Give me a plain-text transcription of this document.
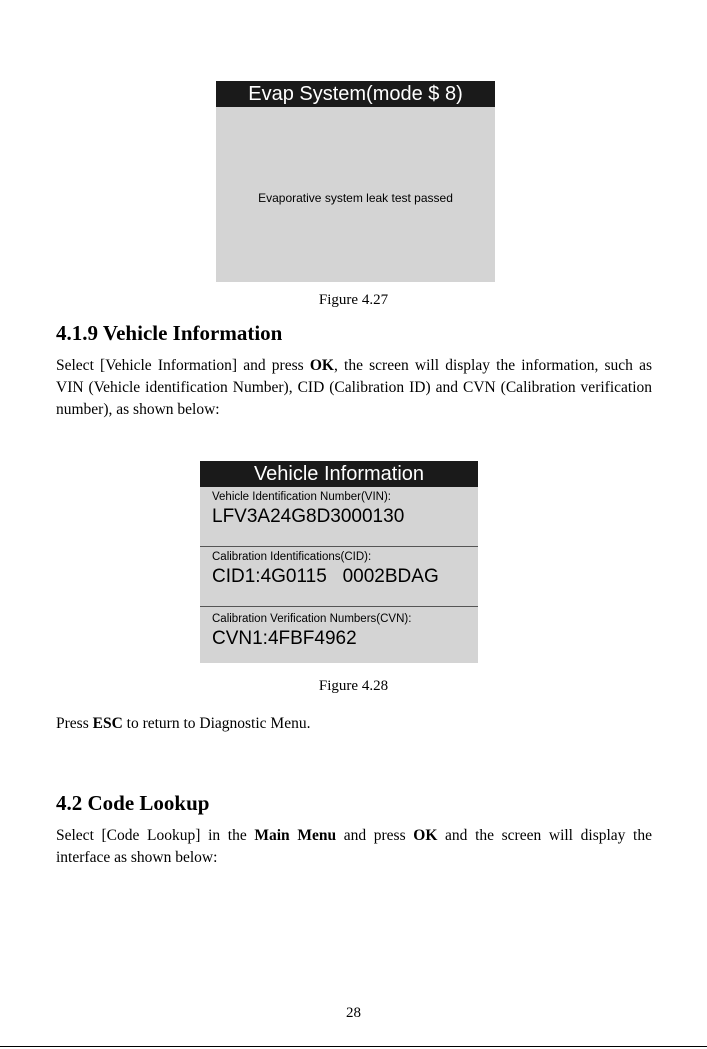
Evap System(mode $ 8)
Evaporative system leak test passed
Figure 4.27
4.1.9 Vehicle Information
Select [Vehicle Information] and press OK, the screen will display the information, such as VIN (Vehicle identification Number), CID (Calibration ID) and CVN (Calibration verification number), as shown below:
Vehicle Information
Vehicle Identification Number(VIN):
LFV3A24G8D3000130
Calibration Identifications(CID):
CID1:4G0115   0002BDAG
Calibration Verification Numbers(CVN):
CVN1:4FBF4962
Figure 4.28
Press ESC to return to Diagnostic Menu.
4.2 Code Lookup
Select [Code Lookup] in the Main Menu and press OK and the screen will display the interface as shown below:
28
